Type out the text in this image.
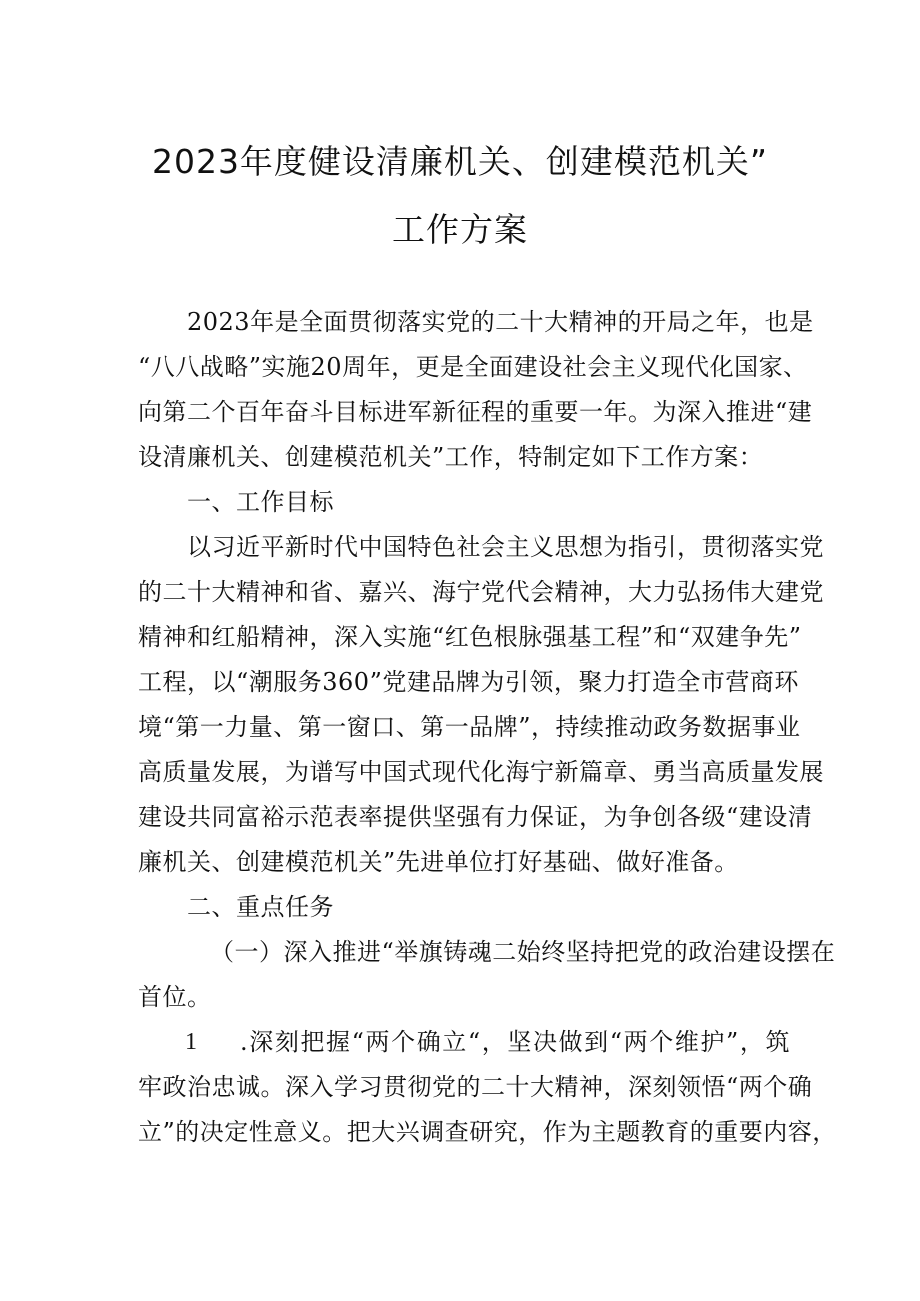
2023年度健设清廉机关、创建模范机关”
工作方案
2023年是全面贯彻落实党的二十大精神的开局之年，也是
“八八战略”实施20周年，更是全面建设社会主义现代化国家、
向第二个百年奋斗目标进军新征程的重要一年。为深入推进“建
设清廉机关、创建模范机关”工作，特制定如下工作方案：
一、工作目标
以习近平新时代中国特色社会主义思想为指引，贯彻落实党
的二十大精神和省、嘉兴、海宁党代会精神，大力弘扬伟大建党
精神和红船精神，深入实施“红色根脉强基工程”和“双建争先”
工程，以“潮服务360”党建品牌为引领，聚力打造全市营商环
境“第一力量、第一窗口、第一品牌”，持续推动政务数据事业
高质量发展，为谱写中国式现代化海宁新篇章、勇当高质量发展
建设共同富裕示范表率提供坚强有力保证，为争创各级“建设清
廉机关、创建模范机关”先进单位打好基础、做好准备。
二、重点任务
（一）深入推进“举旗铸魂二始终坚持把党的政治建设摆在
首位。
1 .深刻把握“两个确立“，坚决做到“两个维护”，筑
牢政治忠诚。深入学习贯彻党的二十大精神，深刻领悟“两个确
立”的决定性意义。把大兴调查研究，作为主题教育的重要内容，
